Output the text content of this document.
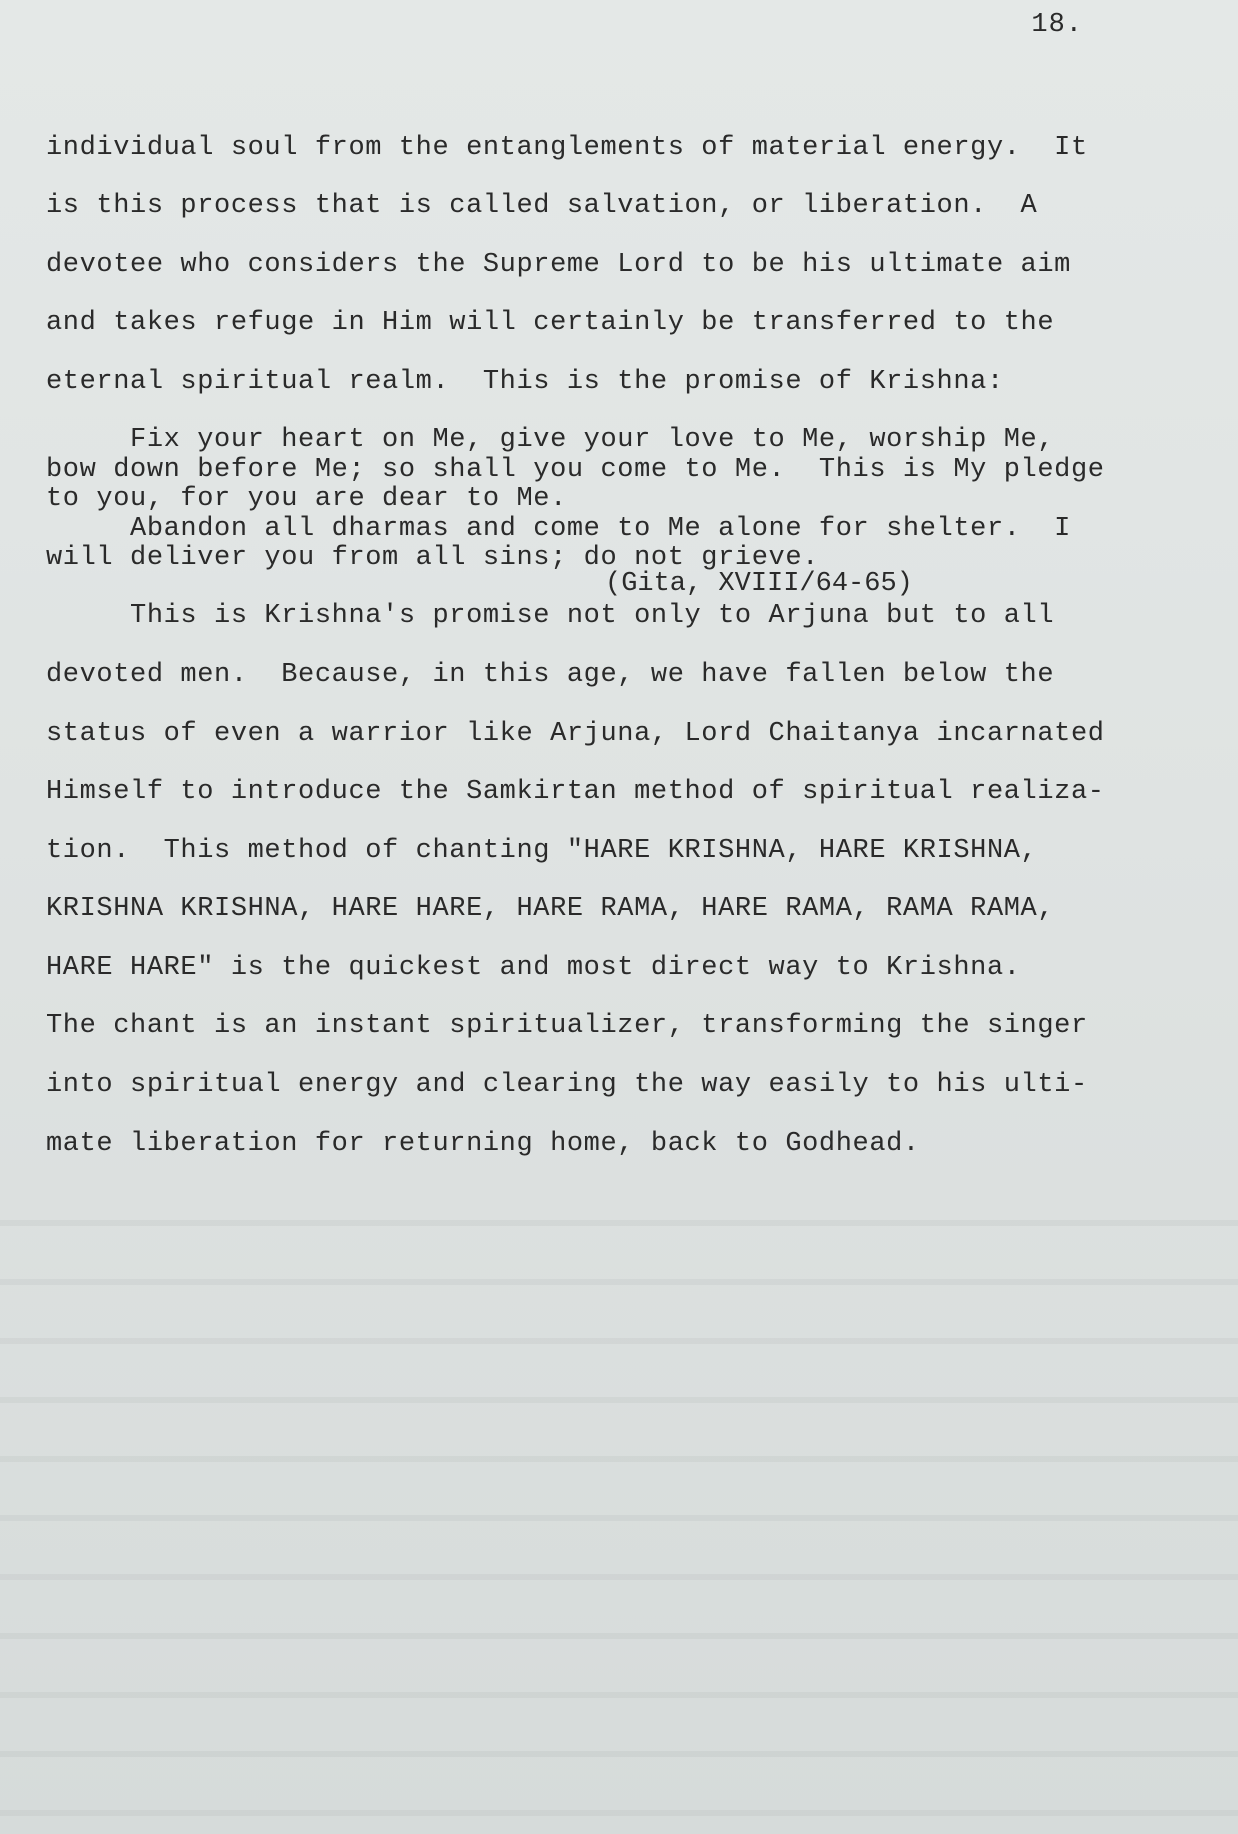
18.
individual soul from the entanglements of material energy.  It
is this process that is called salvation, or liberation.  A
devotee who considers the Supreme Lord to be his ultimate aim
and takes refuge in Him will certainly be transferred to the
eternal spiritual realm.  This is the promise of Krishna:
Fix your heart on Me, give your love to Me, worship Me,
bow down before Me; so shall you come to Me.  This is My pledge
to you, for you are dear to Me.
Abandon all dharmas and come to Me alone for shelter.  I
will deliver you from all sins; do not grieve.
(Gita, XVIII/64-65)
This is Krishna's promise not only to Arjuna but to all
devoted men.  Because, in this age, we have fallen below the
status of even a warrior like Arjuna, Lord Chaitanya incarnated
Himself to introduce the Samkirtan method of spiritual realiza-
tion.  This method of chanting "HARE KRISHNA, HARE KRISHNA,
KRISHNA KRISHNA, HARE HARE, HARE RAMA, HARE RAMA, RAMA RAMA,
HARE HARE" is the quickest and most direct way to Krishna.
The chant is an instant spiritualizer, transforming the singer
into spiritual energy and clearing the way easily to his ulti-
mate liberation for returning home, back to Godhead.
